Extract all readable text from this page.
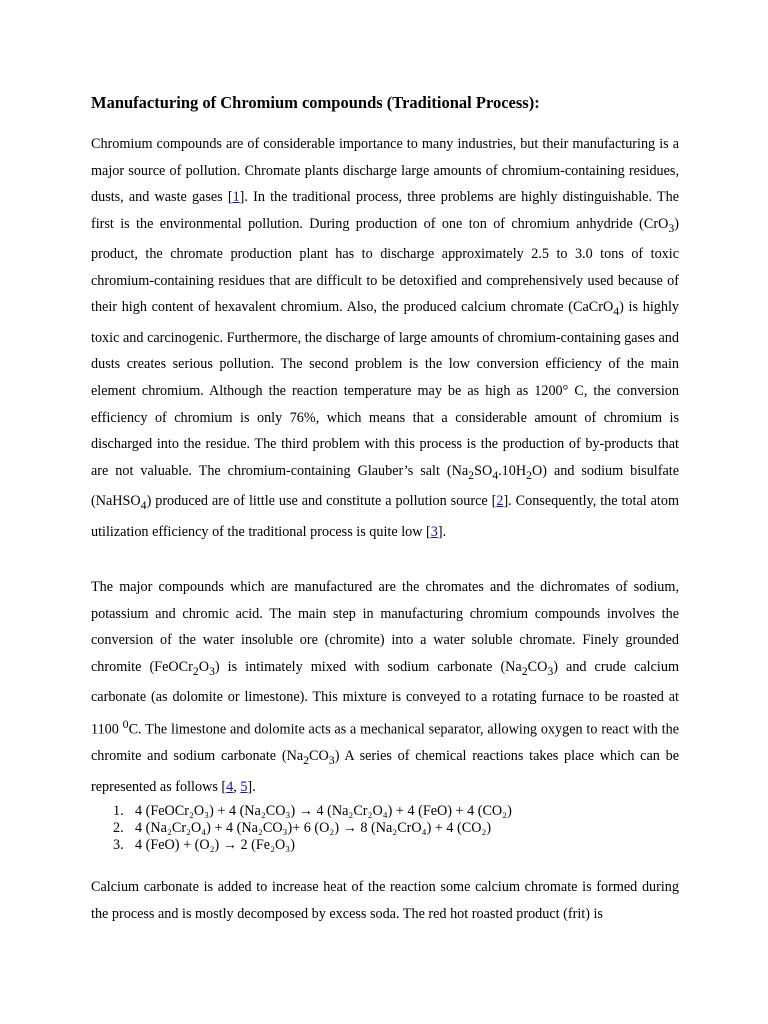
Manufacturing of Chromium compounds (Traditional Process):

Chromium compounds are of considerable importance to many industries, but their manufacturing is a major source of pollution. Chromate plants discharge large amounts of chromium-containing residues, dusts, and waste gases [1]. In the traditional process, three problems are highly distinguishable. The first is the environmental pollution. During production of one ton of chromium anhydride (CrO$_3$) product, the chromate production plant has to discharge approximately 2.5 to 3.0 tons of toxic chromium-containing residues that are difficult to be detoxified and comprehensively used because of their high content of hexavalent chromium. Also, the produced calcium chromate (CaCrO$_4$) is highly toxic and carcinogenic. Furthermore, the discharge of large amounts of chromium-containing gases and dusts creates serious pollution. The second problem is the low conversion efficiency of the main element chromium. Although the reaction temperature may be as high as 1200° C, the conversion efficiency of chromium is only 76%, which means that a considerable amount of chromium is discharged into the residue. The third problem with this process is the production of by-products that are not valuable. The chromium-containing Glauber’s salt $(Na_2SO_4.10H_2O)$ and sodium bisulfate (NaHSO$_4$) produced are of little use and constitute a pollution source [2]. Consequently, the total atom utilization efficiency of the traditional process is quite low [3].

The major compounds which are manufactured are the chromates and the dichromates of sodium, potassium and chromic acid. The main step in manufacturing chromium compounds involves the conversion of the water insoluble ore (chromite) into a water soluble chromate. Finely grounded chromite $(FeOCr_2O_3)$ is intimately mixed with sodium carbonate $(Na_2CO_3)$ and crude calcium carbonate (as dolomite or limestone). This mixture is conveyed to a rotating furnace to be roasted at 1100 $^0$C. The limestone and dolomite acts as a mechanical separator, allowing oxygen to react with the chromite and sodium carbonate $(Na_2CO_3)$ A series of chemical reactions takes place which can be represented as follows [4, 5].

1. 4 (FeOCr₂O₃) + 4 (Na₂CO₃) → 4 (Na₂Cr₂O₄) + 4 (FeO) + 4 (CO₂)
2. 4 (Na₂Cr₂O₄) + 4 (Na₂CO₃)+ 6 (O₂) → 8 (Na₂CrO₄) + 4 (CO₂)
3. 4 (FeO) + (O₂) → 2 (Fe₂O₃)

Calcium carbonate is added to increase heat of the reaction some calcium chromate is formed during the process and is mostly decomposed by excess soda. The red hot roasted product (frit) is
